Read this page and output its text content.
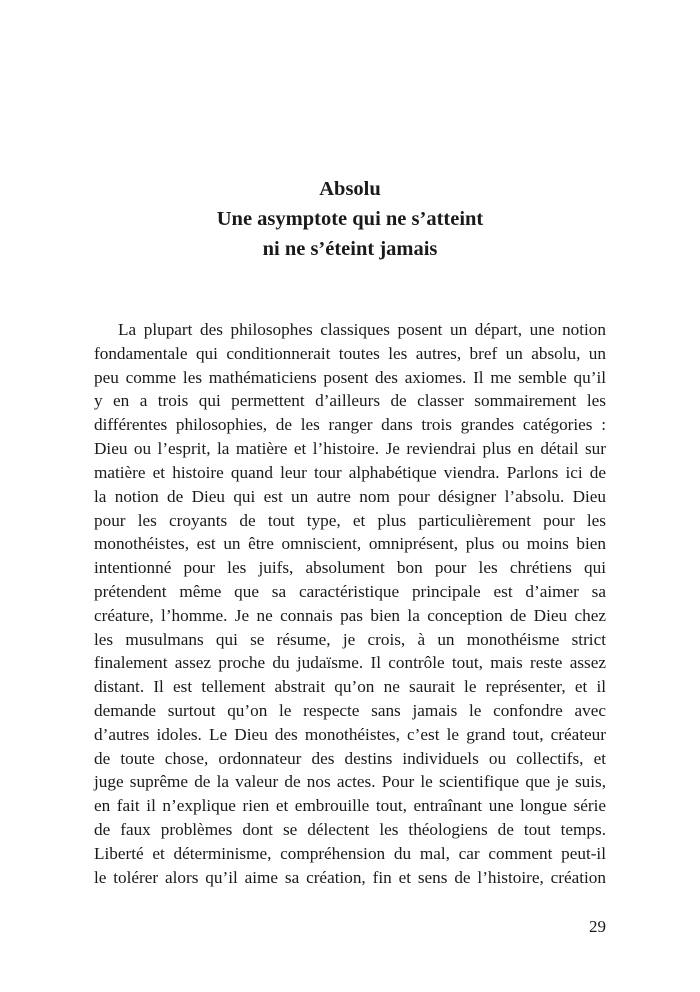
Absolu
Une asymptote qui ne s’atteint
ni ne s’éteint jamais
La plupart des philosophes classiques posent un départ, une notion
fondamentale qui conditionnerait toutes les autres, bref un absolu, un
peu comme les mathématiciens posent des axiomes. Il me semble qu’il
y en a trois qui permettent d’ailleurs de classer sommairement les
différentes philosophies, de les ranger dans trois grandes catégories :
Dieu ou l’esprit, la matière et l’histoire. Je reviendrai plus en détail sur
matière et histoire quand leur tour alphabétique viendra. Parlons ici de
la notion de Dieu qui est un autre nom pour désigner l’absolu. Dieu
pour les croyants de tout type, et plus particulièrement pour les
monothéistes, est un être omniscient, omniprésent, plus ou moins bien
intentionné pour les juifs, absolument bon pour les chrétiens qui
prétendent même que sa caractéristique principale est d’aimer sa
créature, l’homme. Je ne connais pas bien la conception de Dieu chez
les musulmans qui se résume, je crois, à un monothéisme strict
finalement assez proche du judaïsme. Il contrôle tout, mais reste assez
distant. Il est tellement abstrait qu’on ne saurait le représenter, et il
demande surtout qu’on le respecte sans jamais le confondre avec
d’autres idoles. Le Dieu des monothéistes, c’est le grand tout, créateur
de toute chose, ordonnateur des destins individuels ou collectifs, et
juge suprême de la valeur de nos actes. Pour le scientifique que je suis,
en fait il n’explique rien et embrouille tout, entraînant une longue série
de faux problèmes dont se délectent les théologiens de tout temps.
Liberté et déterminisme, compréhension du mal, car comment peut-il
le tolérer alors qu’il aime sa création, fin et sens de l’histoire, création
29
